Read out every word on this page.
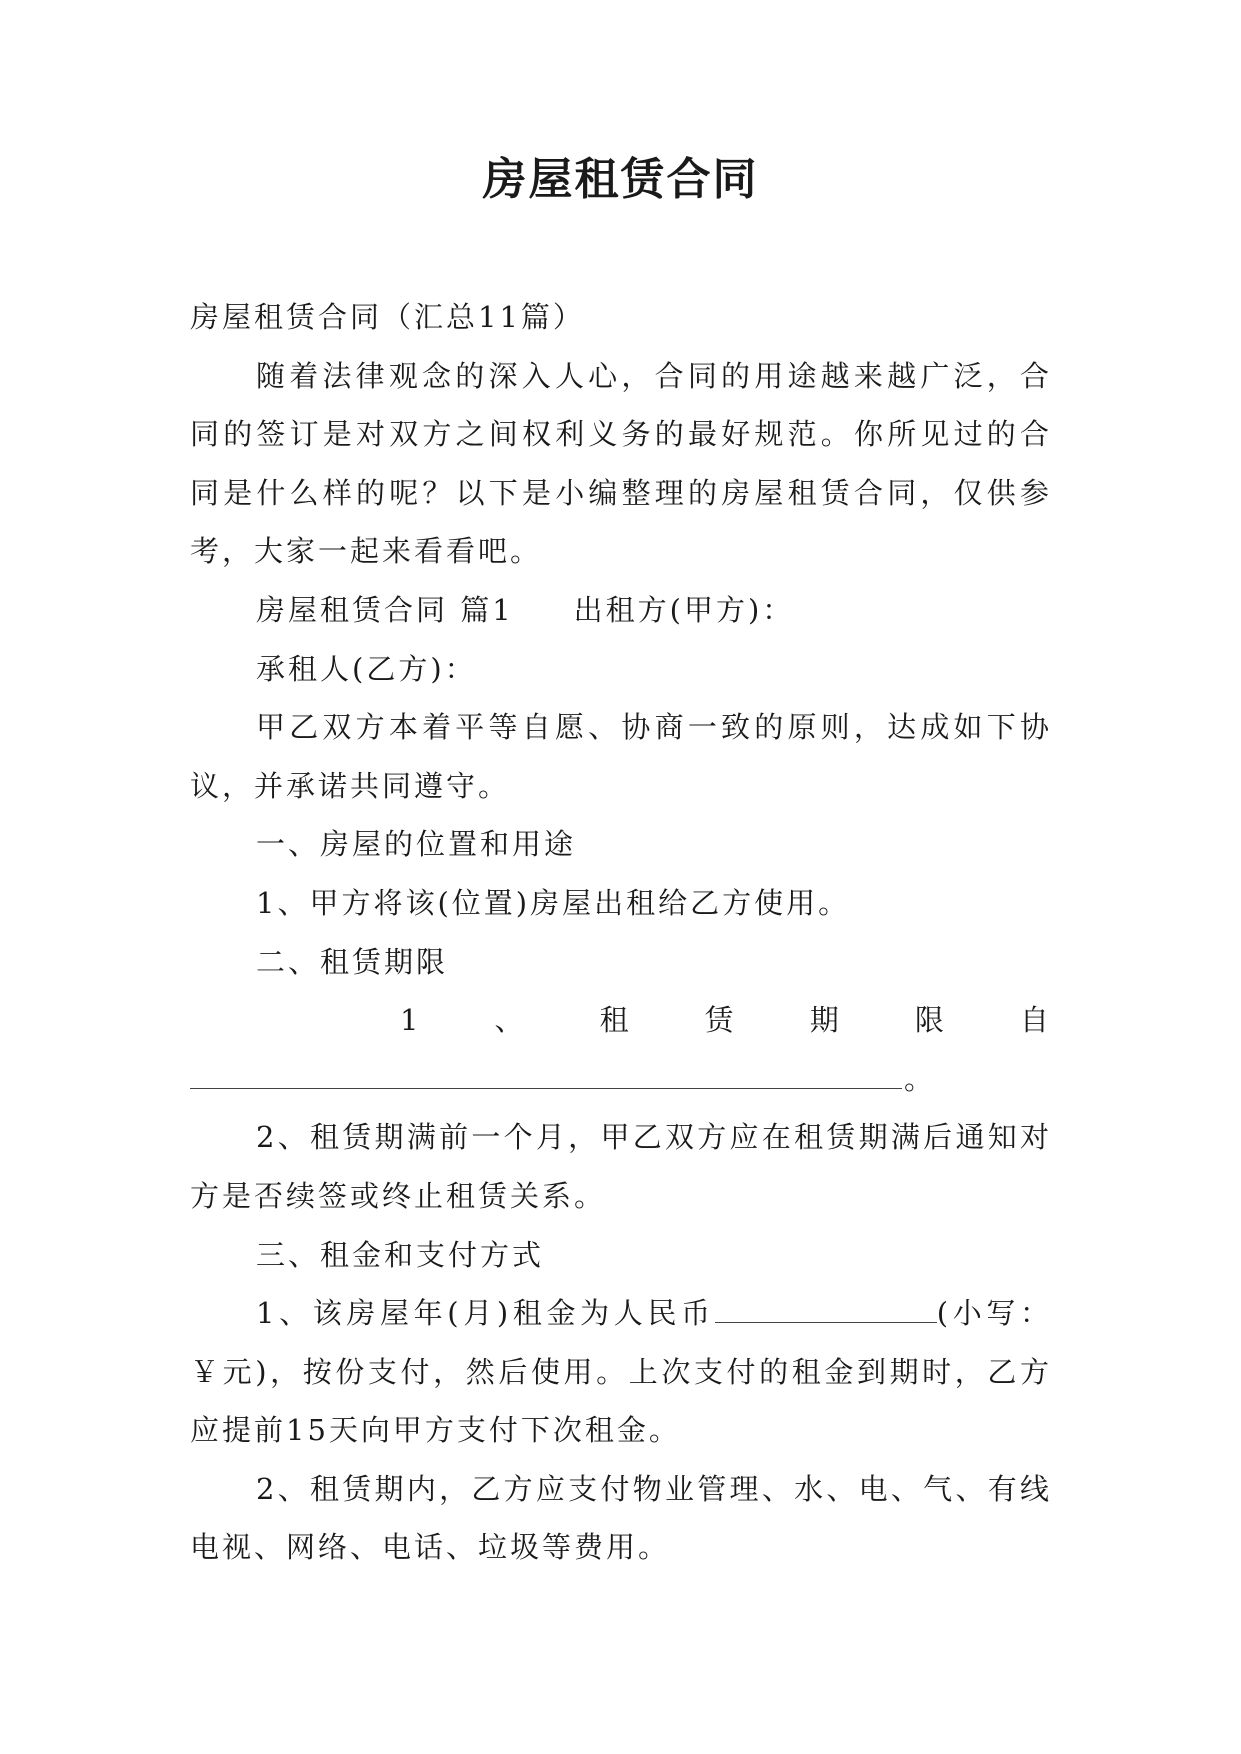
房屋租赁合同

房屋租赁合同（汇总11篇）

随着法律观念的深入人心，合同的用途越来越广泛，合同的签订是对双方之间权利义务的最好规范。你所见过的合同是什么样的呢？以下是小编整理的房屋租赁合同，仅供参考，大家一起来看看吧。

房屋租赁合同 篇1 出租方(甲方)：

承租人(乙方)：

甲乙双方本着平等自愿、协商一致的原则，达成如下协议，并承诺共同遵守。

一、房屋的位置和用途

1、甲方将该(位置)房屋出租给乙方使用。

二、租赁期限

1	、	租	赁	期	限	自

。

2、租赁期满前一个月，甲乙双方应在租赁期满后通知对方是否续签或终止租赁关系。

三、租金和支付方式

1、该房屋年(月)租金为人民币	(小写：￥元)，按份支付，然后使用。上次支付的租金到期时，乙方应提前15天向甲方支付下次租金。

2、租赁期内，乙方应支付物业管理、水、电、气、有线电视、网络、电话、垃圾等费用。
